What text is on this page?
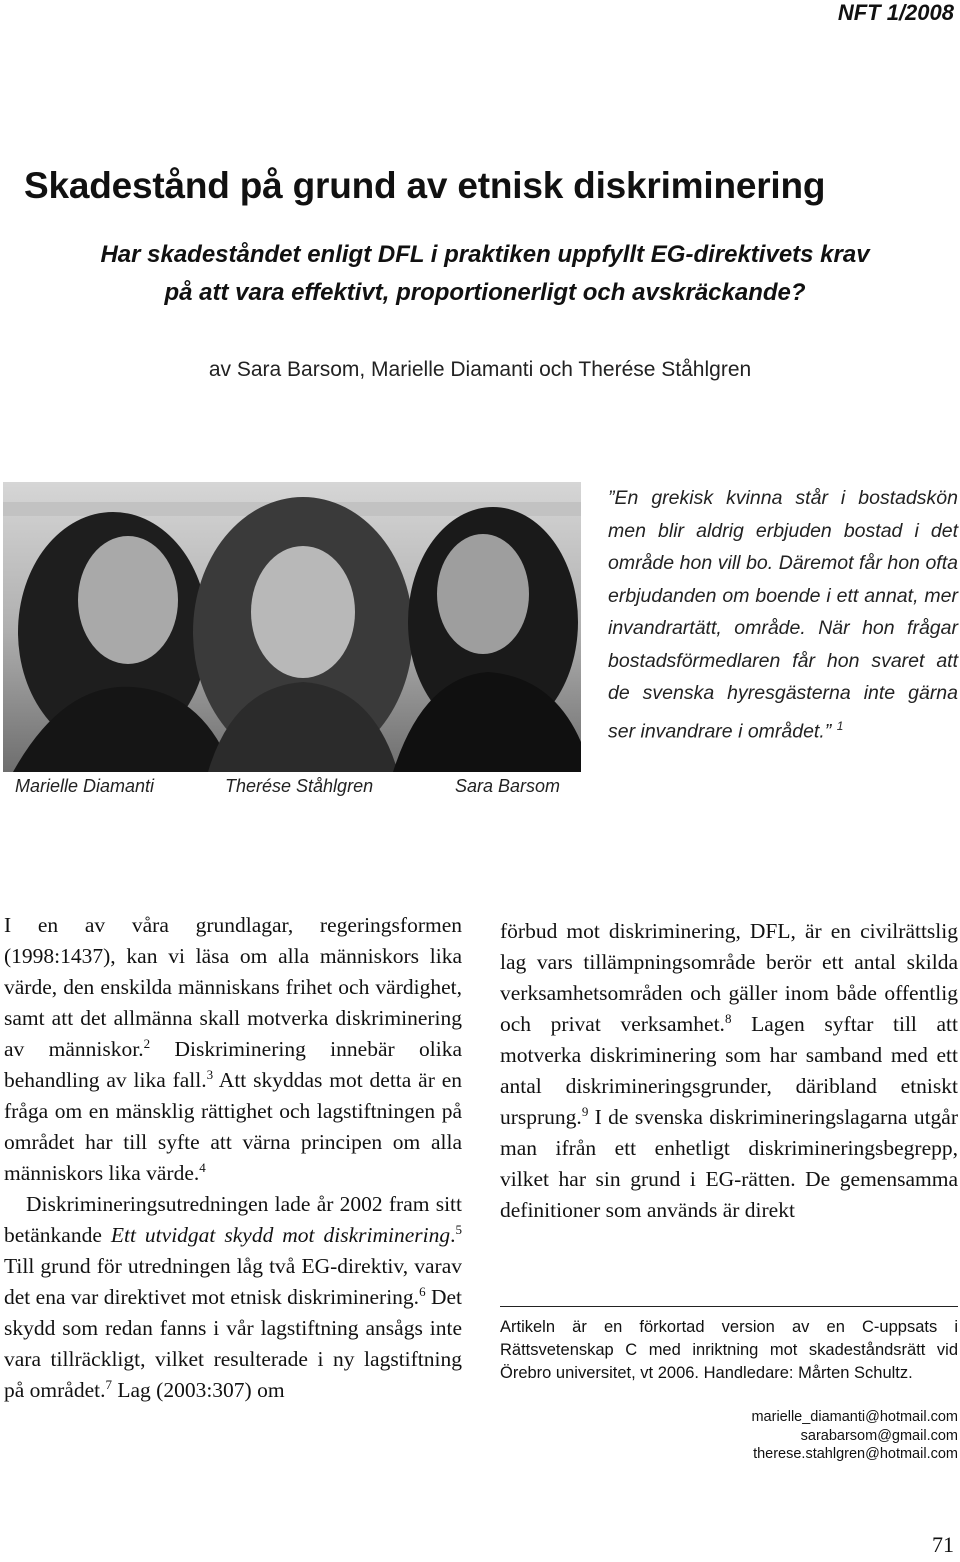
NFT 1/2008
Skadestånd på grund av etnisk diskriminering
Har skadeståndet enligt DFL i praktiken uppfyllt EG-direktivets krav
på att vara effektivt, proportionerligt och avskräckande?
av Sara Barsom, Marielle Diamanti och Therése Ståhlgren
Marielle Diamanti	Therése Ståhlgren	Sara Barsom
”En grekisk kvinna står i bostadskön men blir aldrig erbjuden bostad i det område hon vill bo. Däremot får hon ofta erbjudanden om boende i ett annat, mer invandrartätt, område. När hon frågar bostadsförmedlaren får hon svaret att de svenska hyresgästerna inte gärna ser invandrare i området.” $^1$

I en av våra grundlagar, regeringsformen (1998:1437), kan vi läsa om alla människors lika värde, den enskilda människans frihet och värdighet, samt att det allmänna skall motverka diskriminering av människor.$^2$ Diskriminering innebär olika behandling av lika fall.$^3$ Att skyddas mot detta är en fråga om en mänsklig rättighet och lagstiftningen på området har till syfte att värna principen om alla människors lika värde.$^4$

Diskrimineringsutredningen lade år 2002 fram sitt betänkande Ett utvidgat skydd mot diskriminering.$^5$ Till grund för utredningen låg två EG-direktiv, varav det ena var direktivet mot etnisk diskriminering.$^6$ Det skydd som redan fanns i vår lagstiftning ansågs inte vara tillräckligt, vilket resulterade i ny lagstiftning på området.$^7$ Lag (2003:307) om

förbud mot diskriminering, DFL, är en civilrättslig lag vars tillämpningsområde berör ett antal skilda verksamhetsområden och gäller inom både offentlig och privat verksamhet.$^8$ Lagen syftar till att motverka diskriminering som har samband med ett antal diskrimineringsgrunder, däribland etniskt ursprung.$^9$ I de svenska diskrimineringslagarna utgår man ifrån ett enhetligt diskrimineringsbegrepp, vilket har sin grund i EG-rätten. De gemensamma definitioner som används är direkt

Artikeln är en förkortad version av en C-uppsats i Rättsvetenskap C med inriktning mot skadeståndsrätt vid Örebro universitet, vt 2006. Handledare: Mårten Schultz.
marielle_diamanti@hotmail.com
sarabarsom@gmail.com
therese.stahlgren@hotmail.com
71
